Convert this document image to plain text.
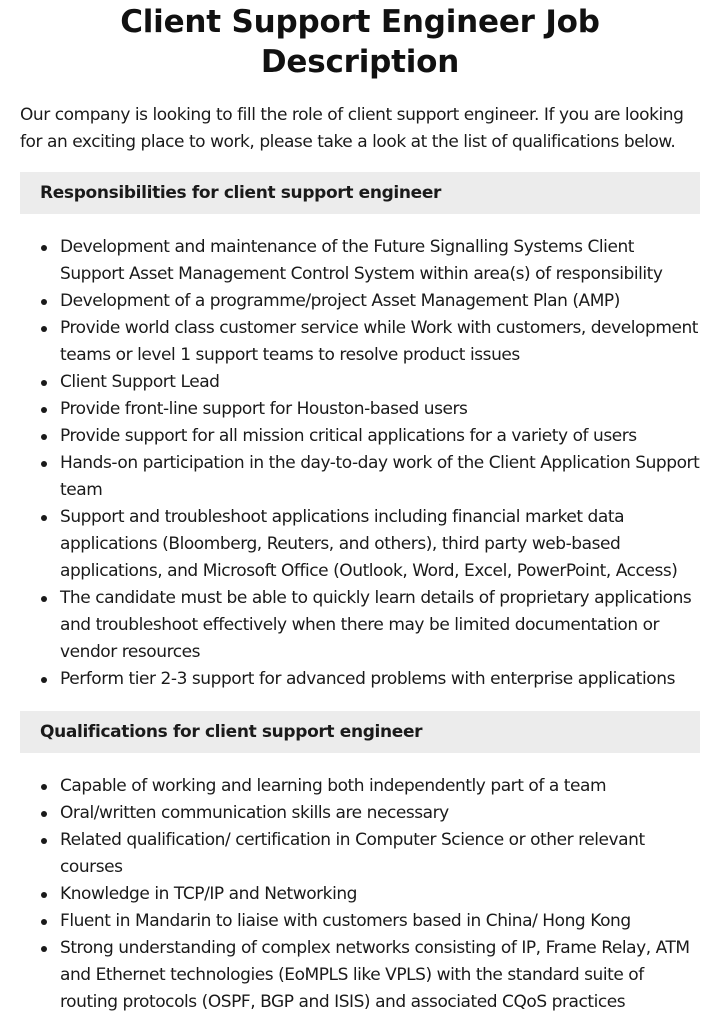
Client Support Engineer Job Description

Our company is looking to fill the role of client support engineer. If you are looking for an exciting place to work, please take a look at the list of qualifications below.

Responsibilities for client support engineer
Development and maintenance of the Future Signalling Systems Client Support Asset Management Control System within area(s) of responsibility
Development of a programme/project Asset Management Plan (AMP)
Provide world class customer service while Work with customers, development teams or level 1 support teams to resolve product issues
Client Support Lead
Provide front-line support for Houston-based users
Provide support for all mission critical applications for a variety of users
Hands-on participation in the day-to-day work of the Client Application Support team
Support and troubleshoot applications including financial market data applications (Bloomberg, Reuters, and others), third party web-based applications, and Microsoft Office (Outlook, Word, Excel, PowerPoint, Access)
The candidate must be able to quickly learn details of proprietary applications and troubleshoot effectively when there may be limited documentation or vendor resources
Perform tier 2-3 support for advanced problems with enterprise applications
Qualifications for client support engineer
Capable of working and learning both independently part of a team
Oral/written communication skills are necessary
Related qualification/ certification in Computer Science or other relevant courses
Knowledge in TCP/IP and Networking
Fluent in Mandarin to liaise with customers based in China/ Hong Kong
Strong understanding of complex networks consisting of IP, Frame Relay, ATM and Ethernet technologies (EoMPLS like VPLS) with the standard suite of routing protocols (OSPF, BGP and ISIS) and associated CQoS practices
